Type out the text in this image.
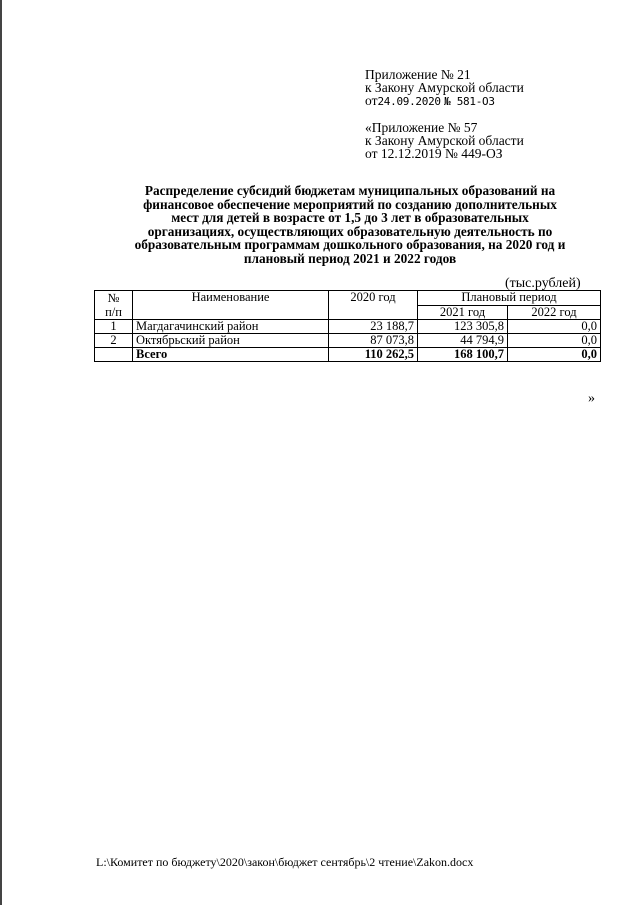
Приложение № 21
к Закону Амурской области
от24.09.2020 № 581-ОЗ
«Приложение № 57
к Закону Амурской области
от 12.12.2019 № 449-ОЗ
Распределение субсидий бюджетам муниципальных образований на
финансовое обеспечение мероприятий по созданию дополнительных
мест для детей в возрасте от 1,5 до 3 лет в образовательных
организациях, осуществляющих образовательную деятельность по
образовательным программам дошкольного образования, на 2020 год и
плановый период 2021 и 2022 годов
(тыс.рублей)
№
п/п	Наименование	2020 год	Плановый период	
			2021 год	2022 год
1	Магдагачинский район	23 188,7	123 305,8	0,0
2	Октябрьский район	87 073,8	44 794,9	0,0
	Всего	110 262,5	168 100,7	0,0
»
L:\Комитет по бюджету\2020\закон\бюджет сентябрь\2 чтение\Zakon.docx
